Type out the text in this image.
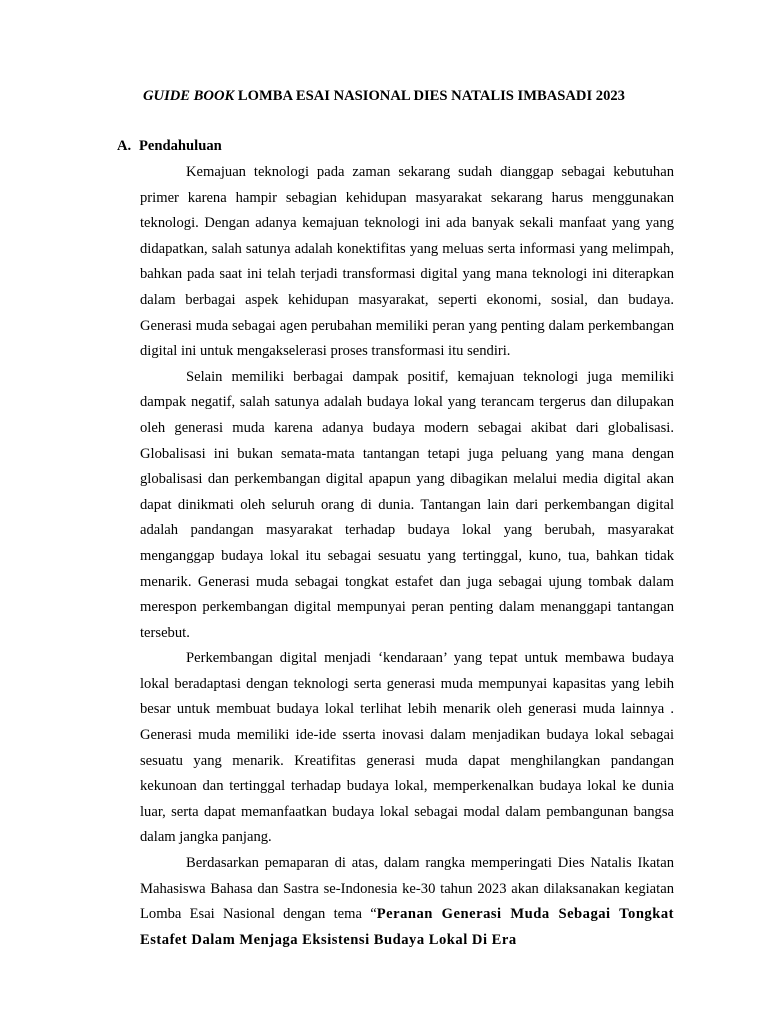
GUIDE BOOK LOMBA ESAI NASIONAL DIES NATALIS IMBASADI 2023
A. Pendahuluan

Kemajuan teknologi pada zaman sekarang sudah dianggap sebagai kebutuhan primer karena hampir sebagian kehidupan masyarakat sekarang harus menggunakan teknologi. Dengan adanya kemajuan teknologi ini ada banyak sekali manfaat yang yang didapatkan, salah satunya adalah konektifitas yang meluas serta informasi yang melimpah, bahkan pada saat ini telah terjadi transformasi digital yang mana teknologi ini diterapkan dalam berbagai aspek kehidupan masyarakat, seperti ekonomi, sosial, dan budaya. Generasi muda sebagai agen perubahan memiliki peran yang penting dalam perkembangan digital ini untuk mengakselerasi proses transformasi itu sendiri.

Selain memiliki berbagai dampak positif, kemajuan teknologi juga memiliki dampak negatif, salah satunya adalah budaya lokal yang terancam tergerus dan dilupakan oleh generasi muda karena adanya budaya modern sebagai akibat dari globalisasi. Globalisasi ini bukan semata-mata tantangan tetapi juga peluang yang mana dengan globalisasi dan perkembangan digital apapun yang dibagikan melalui media digital akan dapat dinikmati oleh seluruh orang di dunia. Tantangan lain dari perkembangan digital adalah pandangan masyarakat terhadap budaya lokal yang berubah, masyarakat menganggap budaya lokal itu sebagai sesuatu yang tertinggal, kuno, tua, bahkan tidak menarik. Generasi muda sebagai tongkat estafet dan juga sebagai ujung tombak dalam merespon perkembangan digital mempunyai peran penting dalam menanggapi tantangan tersebut.

Perkembangan digital menjadi ‘kendaraan’ yang tepat untuk membawa budaya lokal beradaptasi dengan teknologi serta generasi muda mempunyai kapasitas yang lebih besar untuk membuat budaya lokal terlihat lebih menarik oleh generasi muda lainnya . Generasi muda memiliki ide-ide sserta inovasi dalam menjadikan budaya lokal sebagai sesuatu yang menarik. Kreatifitas generasi muda dapat menghilangkan pandangan kekunoan dan tertinggal terhadap budaya lokal, memperkenalkan budaya lokal ke dunia luar, serta dapat memanfaatkan budaya lokal sebagai modal dalam pembangunan bangsa dalam jangka panjang.

Berdasarkan pemaparan di atas, dalam rangka memperingati Dies Natalis Ikatan Mahasiswa Bahasa dan Sastra se-Indonesia ke-30 tahun 2023 akan dilaksanakan kegiatan Lomba Esai Nasional dengan tema “Peranan Generasi Muda Sebagai Tongkat Estafet Dalam Menjaga Eksistensi Budaya Lokal Di Era
